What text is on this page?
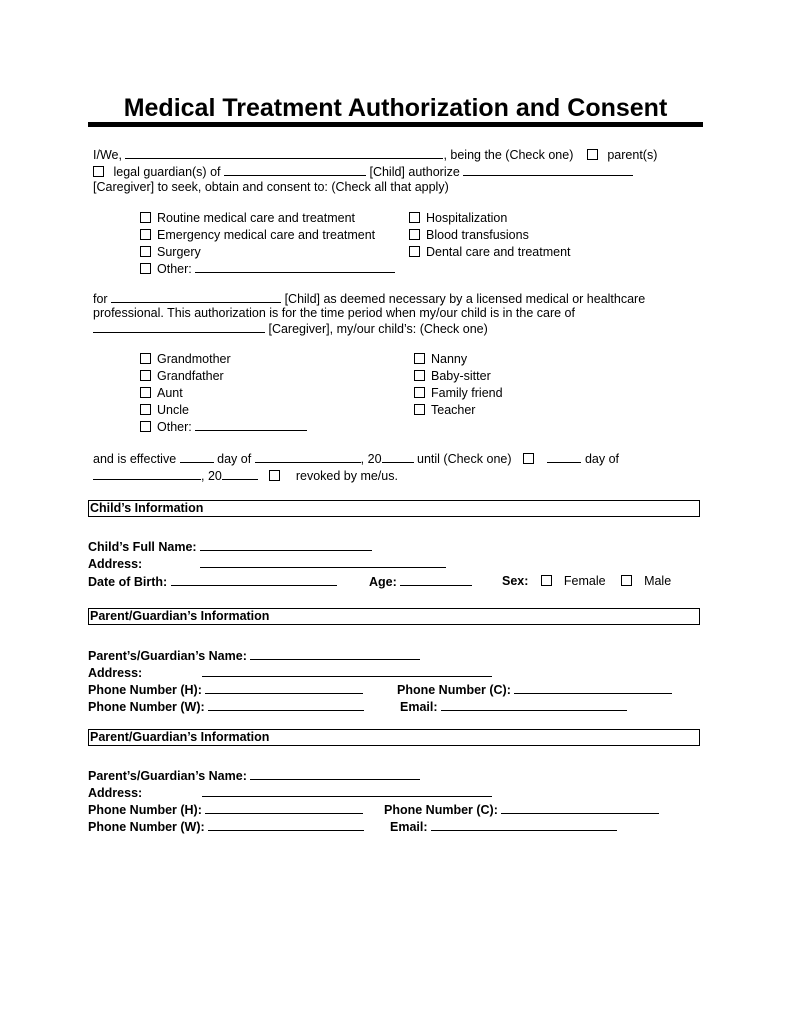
Medical Treatment Authorization and Consent
I/We,	, being the (Check one)	parent(s)
legal guardian(s) of	[Child] authorize
[Caregiver] to seek, obtain and consent to: (Check all that apply)
Routine medical care and treatment
Emergency medical care and treatment
Surgery
Other:
Hospitalization
Blood transfusions
Dental care and treatment
for	[Child] as deemed necessary by a licensed medical or healthcare
professional. This authorization is for the time period when my/our child is in the care of
[Caregiver], my/our child’s: (Check one)
Grandmother
Grandfather
Aunt
Uncle
Other:
Nanny
Baby-sitter
Family friend
Teacher
and is effective	day of	, 20	until (Check one)	day of
, 20	revoked by me/us.
Child’s Information
Child’s Full Name:
Address:
Date of Birth:	Age:	Sex:	Female	Male
Parent/Guardian’s Information
Parent’s/Guardian’s Name:
Address:
Phone Number (H):	Phone Number (C):
Phone Number (W):	Email:
Parent/Guardian’s Information
Parent’s/Guardian’s Name:
Address:
Phone Number (H):	Phone Number (C):
Phone Number (W):	Email:
